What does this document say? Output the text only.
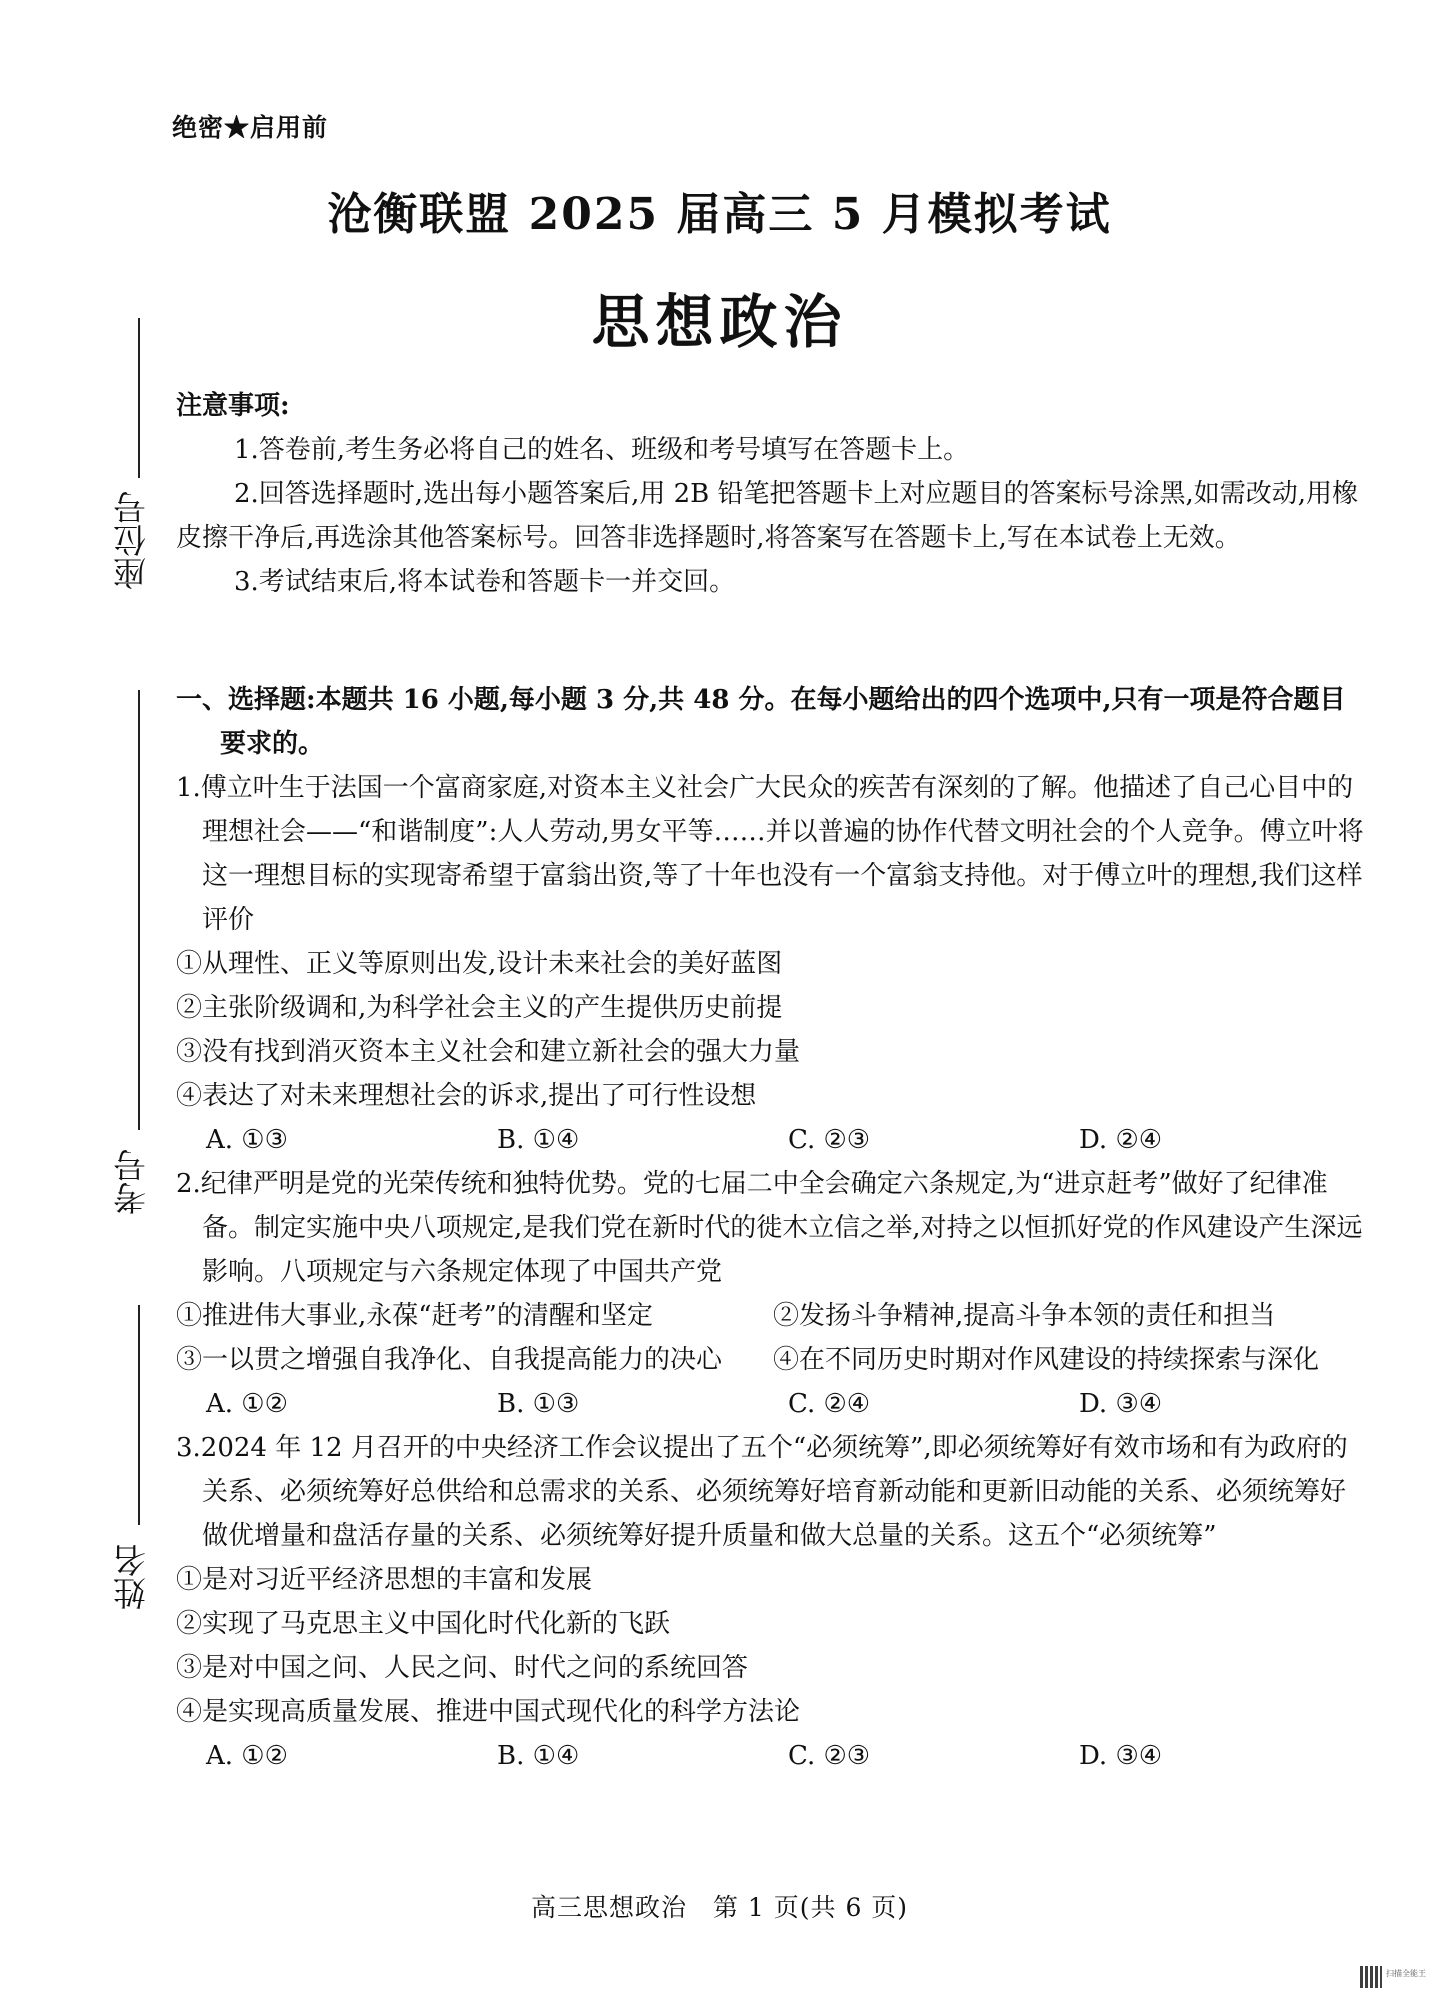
绝密★启用前
沧衡联盟 2025 届高三 5 月模拟考试
思想政治
座位号
考号
姓名
注意事项:
1.答卷前,考生务必将自己的姓名、班级和考号填写在答题卡上。
2.回答选择题时,选出每小题答案后,用 2B 铅笔把答题卡上对应题目的答案标号涂黑,如需改动,用橡皮擦干净后,再选涂其他答案标号。回答非选择题时,将答案写在答题卡上,写在本试卷上无效。
3.考试结束后,将本试卷和答题卡一并交回。
一、选择题:本题共 16 小题,每小题 3 分,共 48 分。在每小题给出的四个选项中,只有一项是符合题目要求的。
1.傅立叶生于法国一个富商家庭,对资本主义社会广大民众的疾苦有深刻的了解。他描述了自己心目中的理想社会——“和谐制度”:人人劳动,男女平等……并以普遍的协作代替文明社会的个人竞争。傅立叶将这一理想目标的实现寄希望于富翁出资,等了十年也没有一个富翁支持他。对于傅立叶的理想,我们这样评价
①从理性、正义等原则出发,设计未来社会的美好蓝图
②主张阶级调和,为科学社会主义的产生提供历史前提
③没有找到消灭资本主义社会和建立新社会的强大力量
④表达了对未来理想社会的诉求,提出了可行性设想
A. ①③	B. ①④	C. ②③	D. ②④
2.纪律严明是党的光荣传统和独特优势。党的七届二中全会确定六条规定,为“进京赶考”做好了纪律准备。制定实施中央八项规定,是我们党在新时代的徙木立信之举,对持之以恒抓好党的作风建设产生深远影响。八项规定与六条规定体现了中国共产党
①推进伟大事业,永葆“赶考”的清醒和坚定	②发扬斗争精神,提高斗争本领的责任和担当
③一以贯之增强自我净化、自我提高能力的决心	④在不同历史时期对作风建设的持续探索与深化
A. ①②	B. ①③	C. ②④	D. ③④
3.2024 年 12 月召开的中央经济工作会议提出了五个“必须统筹”,即必须统筹好有效市场和有为政府的关系、必须统筹好总供给和总需求的关系、必须统筹好培育新动能和更新旧动能的关系、必须统筹好做优增量和盘活存量的关系、必须统筹好提升质量和做大总量的关系。这五个“必须统筹”
①是对习近平经济思想的丰富和发展
②实现了马克思主义中国化时代化新的飞跃
③是对中国之问、人民之问、时代之问的系统回答
④是实现高质量发展、推进中国式现代化的科学方法论
A. ①②	B. ①④	C. ②③	D. ③④
高三思想政治　第 1 页(共 6 页)
扫描全能王
